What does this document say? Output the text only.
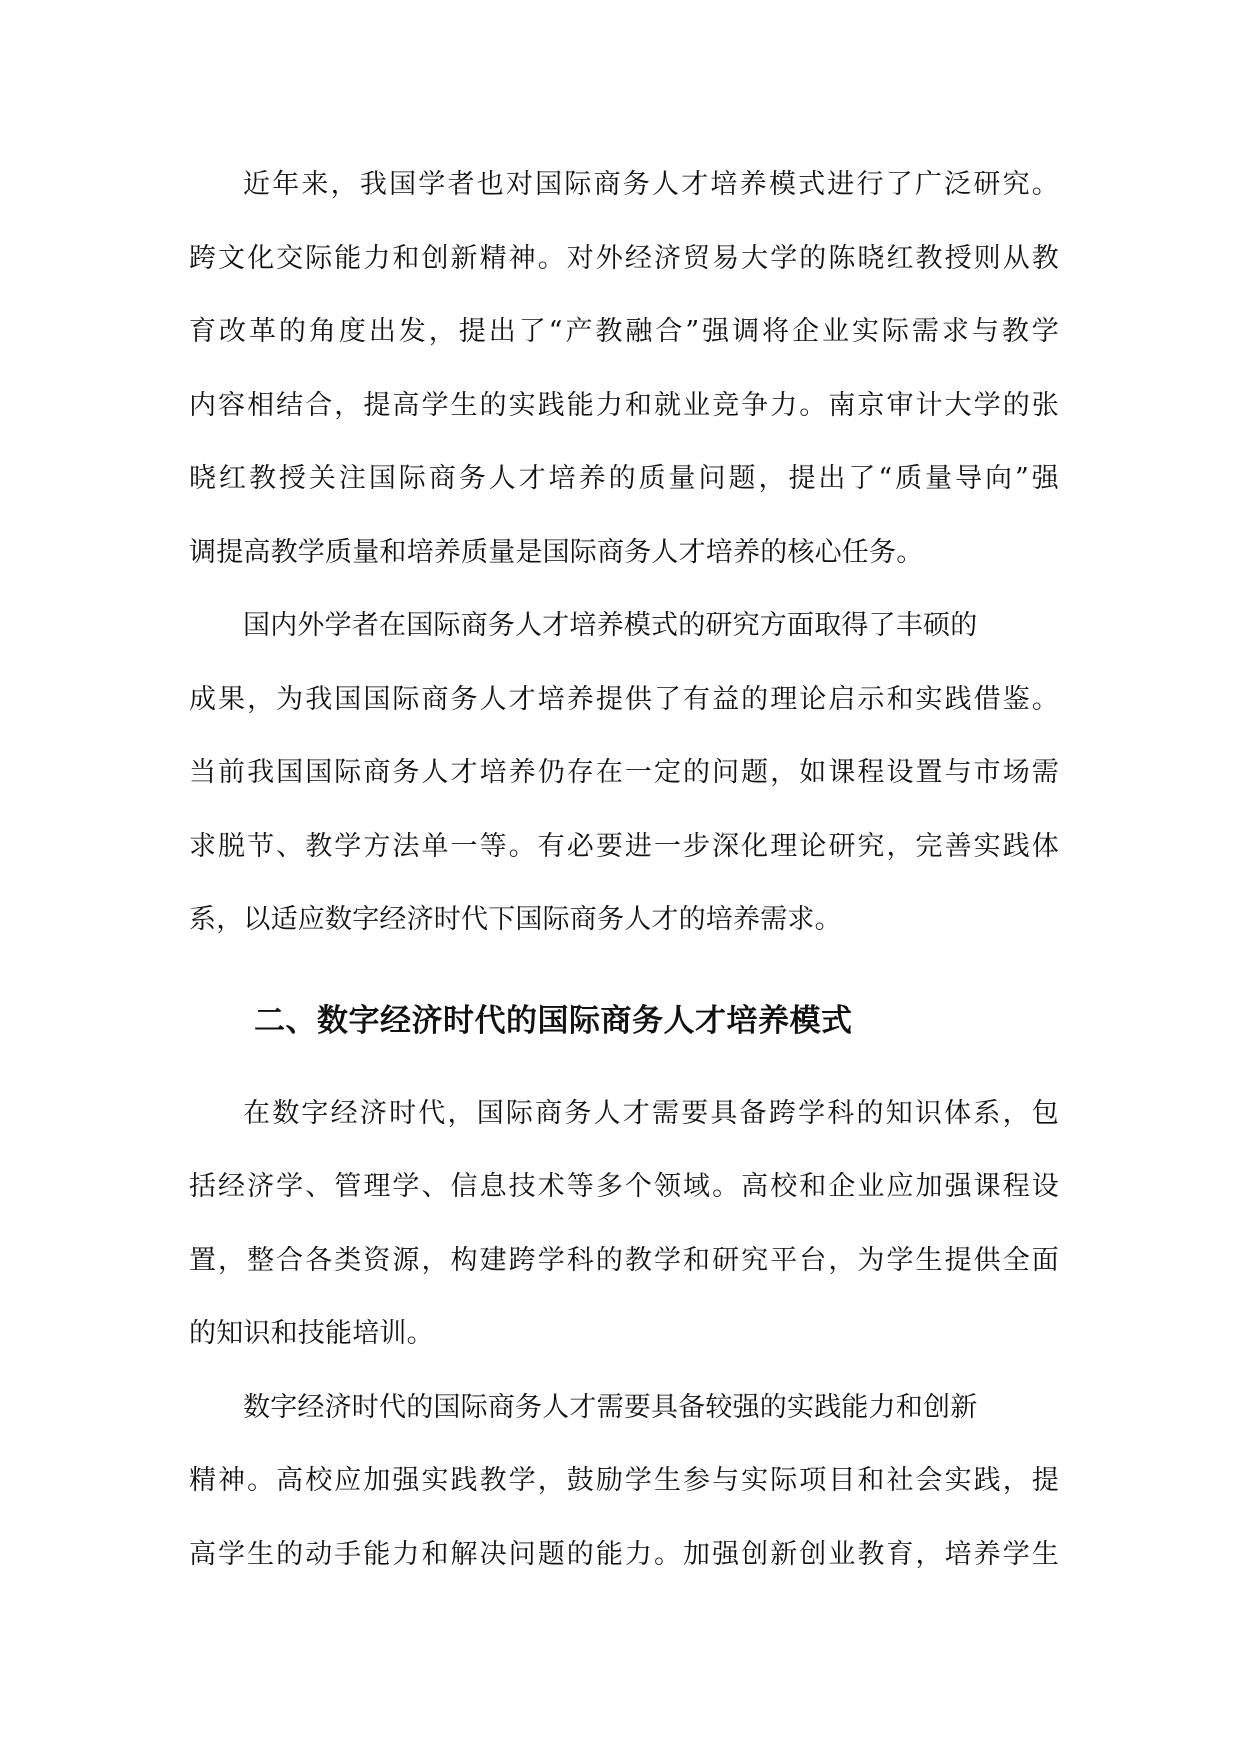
近年来，我国学者也对国际商务人才培养模式进行了广泛研究。
跨文化交际能力和创新精神。对外经济贸易大学的陈晓红教授则从教
育改革的角度出发，提出了“产教融合”强调将企业实际需求与教学
内容相结合，提高学生的实践能力和就业竞争力。南京审计大学的张
晓红教授关注国际商务人才培养的质量问题，提出了“质量导向”强
调提高教学质量和培养质量是国际商务人才培养的核心任务。

国内外学者在国际商务人才培养模式的研究方面取得了丰硕的
成果，为我国国际商务人才培养提供了有益的理论启示和实践借鉴。
当前我国国际商务人才培养仍存在一定的问题，如课程设置与市场需
求脱节、教学方法单一等。有必要进一步深化理论研究，完善实践体
系，以适应数字经济时代下国际商务人才的培养需求。

二、数字经济时代的国际商务人才培养模式

在数字经济时代，国际商务人才需要具备跨学科的知识体系，包
括经济学、管理学、信息技术等多个领域。高校和企业应加强课程设
置，整合各类资源，构建跨学科的教学和研究平台，为学生提供全面
的知识和技能培训。

数字经济时代的国际商务人才需要具备较强的实践能力和创新
精神。高校应加强实践教学，鼓励学生参与实际项目和社会实践，提
高学生的动手能力和解决问题的能力。加强创新创业教育，培养学生
